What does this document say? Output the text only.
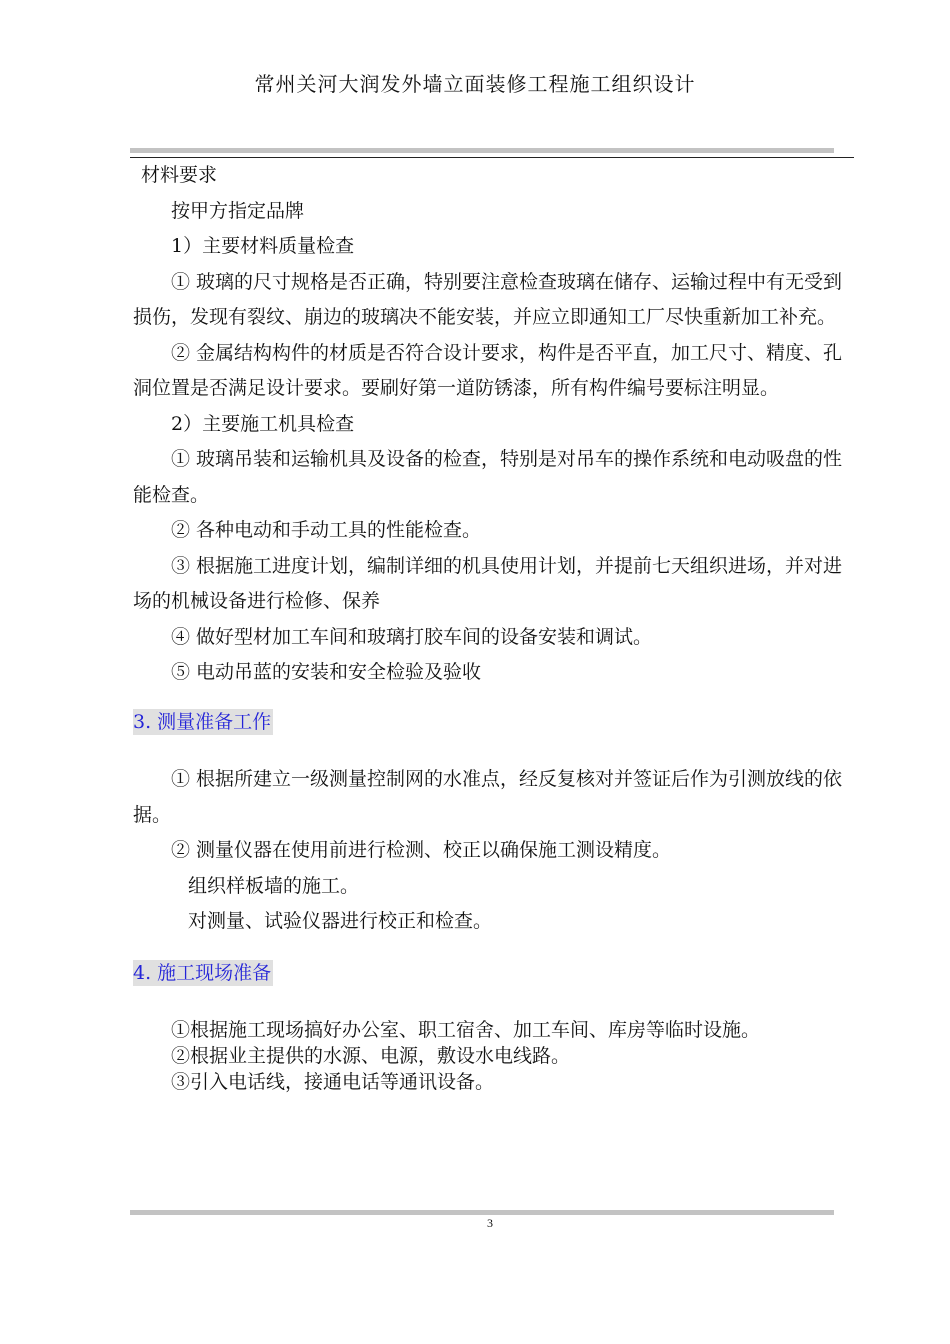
常州关河大润发外墙立面装修工程施工组织设计

材料要求

按甲方指定品牌

1）主要材料质量检查

① 玻璃的尺寸规格是否正确，特别要注意检查玻璃在储存、运输过程中有无受到损伤，发现有裂纹、崩边的玻璃决不能安装，并应立即通知工厂尽快重新加工补充。

② 金属结构构件的材质是否符合设计要求，构件是否平直，加工尺寸、精度、孔洞位置是否满足设计要求。要刷好第一道防锈漆，所有构件编号要标注明显。

2）主要施工机具检查

① 玻璃吊装和运输机具及设备的检查，特别是对吊车的操作系统和电动吸盘的性能检查。

② 各种电动和手动工具的性能检查。

③ 根据施工进度计划，编制详细的机具使用计划，并提前七天组织进场，并对进场的机械设备进行检修、保养

④ 做好型材加工车间和玻璃打胶车间的设备安装和调试。

⑤ 电动吊蓝的安装和安全检验及验收

3. 测量准备工作

① 根据所建立一级测量控制网的水准点，经反复核对并签证后作为引测放线的依据。

② 测量仪器在使用前进行检测、校正以确保施工测设精度。

组织样板墙的施工。

对测量、试验仪器进行校正和检查。

4. 施工现场准备

①根据施工现场搞好办公室、职工宿舍、加工车间、库房等临时设施。

②根据业主提供的水源、电源，敷设水电线路。

③引入电话线，接通电话等通讯设备。

3
